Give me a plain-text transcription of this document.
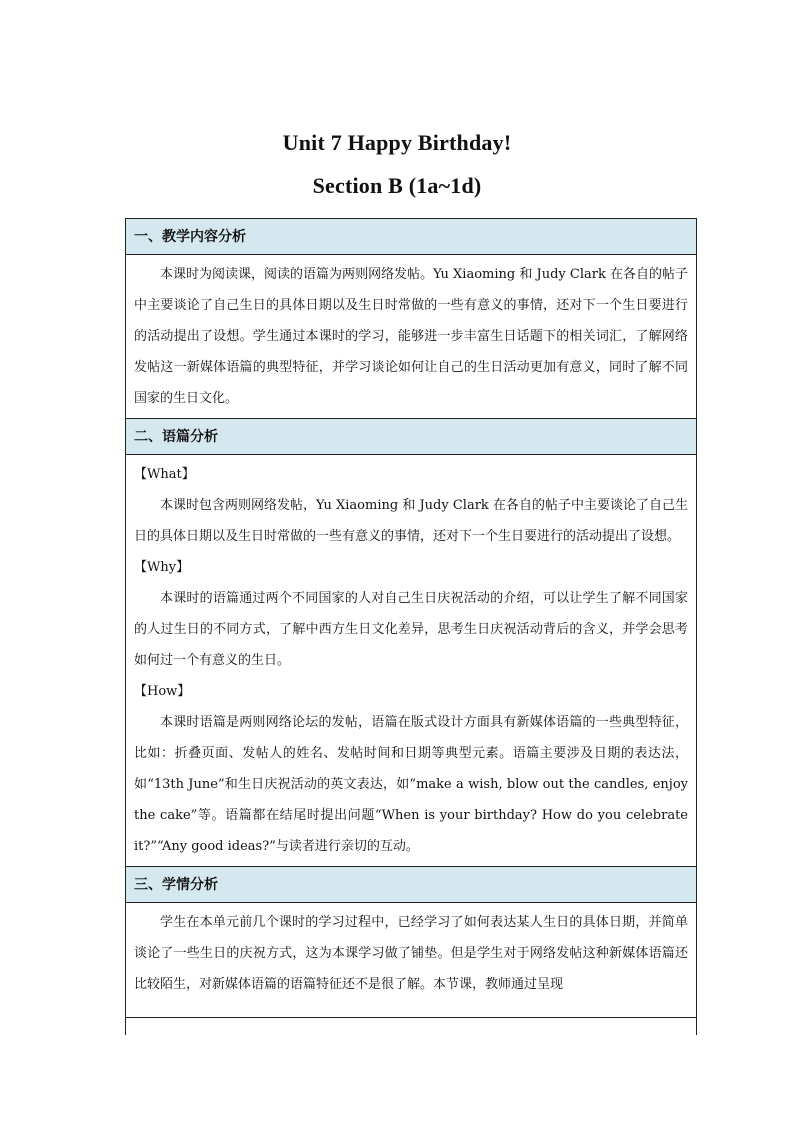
Unit 7 Happy Birthday!
Section B (1a~1d)
一、教学内容分析

本课时为阅读课，阅读的语篇为两则网络发帖。Yu Xiaoming 和 Judy Clark 在各自的帖子中主要谈论了自己生日的具体日期以及生日时常做的一些有意义的事情，还对下一个生日要进行的活动提出了设想。学生通过本课时的学习，能够进一步丰富生日话题下的相关词汇，了解网络发帖这一新媒体语篇的典型特征，并学习谈论如何让自己的生日活动更加有意义，同时了解不同国家的生日文化。

二、语篇分析

【What】

本课时包含两则网络发帖，Yu Xiaoming 和 Judy Clark 在各自的帖子中主要谈论了自己生日的具体日期以及生日时常做的一些有意义的事情，还对下一个生日要进行的活动提出了设想。

【Why】

本课时的语篇通过两个不同国家的人对自己生日庆祝活动的介绍，可以让学生了解不同国家的人过生日的不同方式，了解中西方生日文化差异，思考生日庆祝活动背后的含义，并学会思考如何过一个有意义的生日。

【How】

本课时语篇是两则网络论坛的发帖，语篇在版式设计方面具有新媒体语篇的一些典型特征，比如：折叠页面、发帖人的姓名、发帖时间和日期等典型元素。语篇主要涉及日期的表达法，如“13th June”和生日庆祝活动的英文表达，如“make a wish, blow out the candles, enjoy the cake”等。语篇都在结尾时提出问题“When is your birthday? How do you celebrate it?”“Any good ideas?”与读者进行亲切的互动。

三、学情分析

学生在本单元前几个课时的学习过程中，已经学习了如何表达某人生日的具体日期，并简单谈论了一些生日的庆祝方式，这为本课学习做了铺垫。但是学生对于网络发帖这种新媒体语篇还比较陌生，对新媒体语篇的语篇特征还不是很了解。本节课，教师通过呈现
